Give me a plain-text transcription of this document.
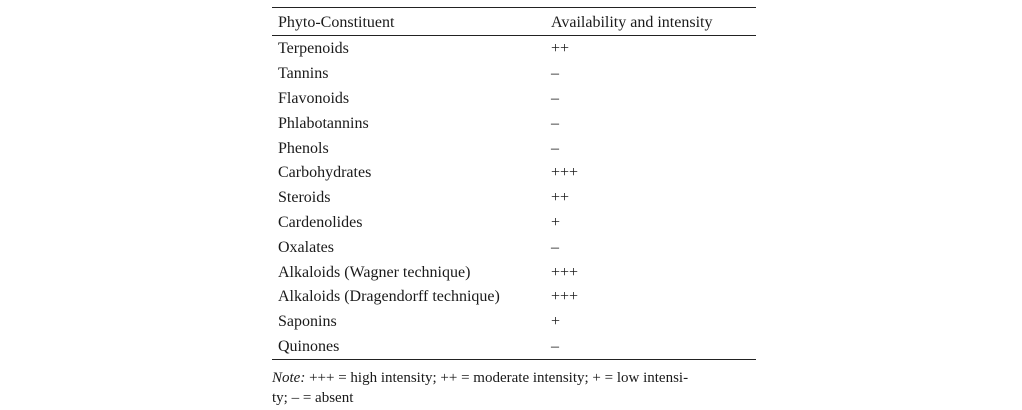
Phyto-Constituent	Availability and intensity
Terpenoids	++
Tannins	–
Flavonoids	–
Phlabotannins	–
Phenols	–
Carbohydrates	+++
Steroids	++
Cardenolides	+
Oxalates	–
Alkaloids (Wagner technique)	+++
Alkaloids (Dragendorff technique)	+++
Saponins	+
Quinones	–
Note: +++ = high intensity; ++ = moderate intensity; + = low intensi-
ty; – = absent
